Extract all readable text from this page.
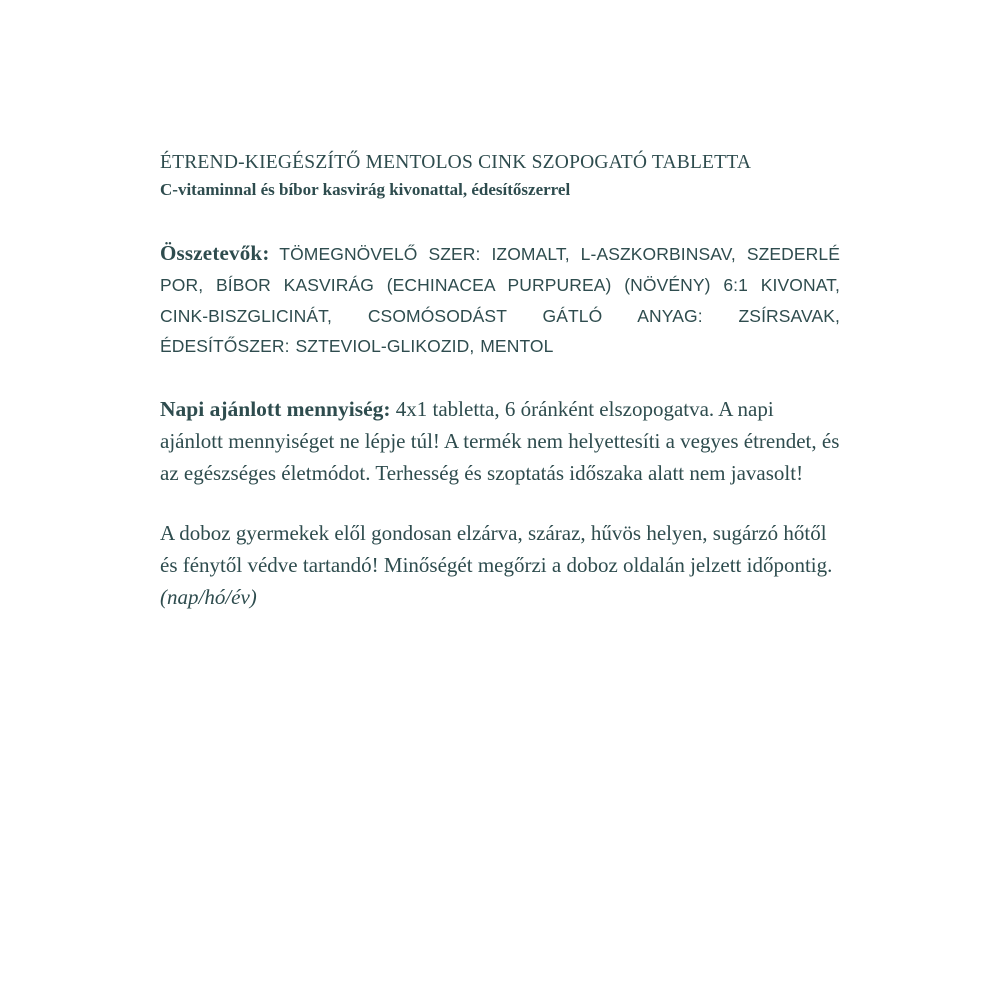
ÉTREND-KIEGÉSZÍTŐ MENTOLOS CINK SZOPOGATÓ TABLETTA
C-vitaminnal és bíbor kasvirág kivonattal, édesítőszerrel

Összetevők: TÖMEGNÖVELŐ SZER: IZOMALT, L-ASZKORBINSAV, SZEDERLÉ POR, BÍBOR KASVIRÁG (ECHINACEA PURPUREA) (NÖVÉNY) 6:1 KIVONAT, CINK-BISZGLICINÁT, CSOMÓSODÁST GÁTLÓ ANYAG: ZSÍRSAVAK, ÉDESÍTŐSZER: SZTEVIOL-GLIKOZID, MENTOL

Napi ajánlott mennyiség: 4x1 tabletta, 6 óránként elszopogatva. A napi ajánlott mennyiséget ne lépje túl! A termék nem helyettesíti a vegyes étrendet, és az egészséges életmódot. Terhesség és szoptatás időszaka alatt nem javasolt!

A doboz gyermekek elől gondosan elzárva, száraz, hűvös helyen, sugárzó hőtől és fénytől védve tartandó! Minőségét megőrzi a doboz oldalán jelzett időpontig. (nap/hó/év)
